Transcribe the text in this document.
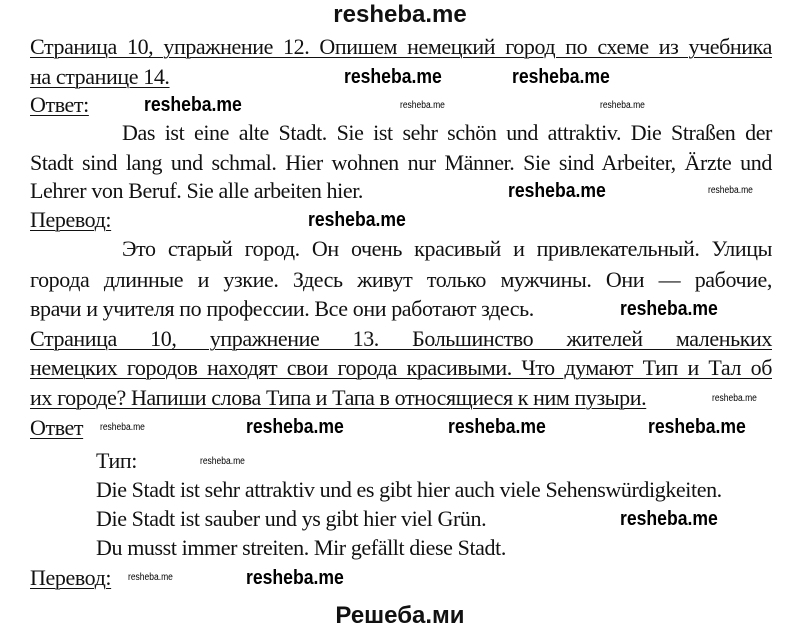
resheba.me
Страница 10, упражнение 12. Опишем немецкий город по схеме из учебника
на странице 14.
Ответ:
Das ist eine alte Stadt. Sie ist sehr schön und attraktiv. Die Straßen der
Stadt sind lang und schmal. Hier wohnen nur Männer. Sie sind Arbeiter, Ärzte und
Lehrer von Beruf. Sie alle arbeiten hier.
Перевод:
Это старый город. Он очень красивый и привлекательный. Улицы
города длинные и узкие. Здесь живут только мужчины. Они — рабочие,
врачи и учителя по профессии. Все они работают здесь.
Страница 10, упражнение 13. Большинство жителей маленьких
немецких городов находят свои города красивыми. Что думают Тип и Тал об
их городе? Напиши слова Типа и Тапа в относящиеся к ним пузыри.
Ответ
Тип:
Die Stadt ist sehr attraktiv und es gibt hier auch viele Sehenswürdigkeiten.
Die Stadt ist sauber und ys gibt hier viel Grün.
Du musst immer streiten. Mir gefällt diese Stadt.
Перевод:
resheba.me	resheba.me
resheba.me	resheba.me	resheba.me
resheba.me	resheba.me
resheba.me
resheba.me
resheba.me
resheba.me	resheba.me	resheba.me	resheba.me
resheba.me
resheba.me
resheba.me	resheba.me
Решеба.ми
